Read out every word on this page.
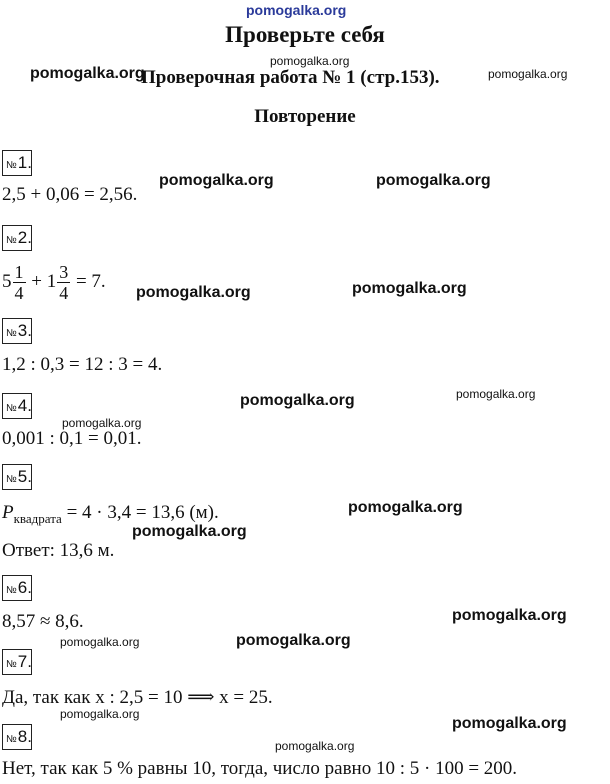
pomogalka.org
pomogalka.org
pomogalka.org	pomogalka.org
pomogalka.org	pomogalka.org
pomogalka.org	pomogalka.org
pomogalka.org	pomogalka.org
pomogalka.org
pomogalka.org
pomogalka.org
pomogalka.org
pomogalka.org	pomogalka.org
pomogalka.org
pomogalka.org
pomogalka.org
Проверьте себя
Проверочная работа № 1 (стр.153).
Повторение
№1.
2,5 + 0,06 = 2,56.
№2.
$5 \frac{1}{4} + 1 \frac{3}{4} = 7$.
№3.
1,2 : 0,3 = 12 : 3 = 4.
№4.
0,001 : 0,1 = 0,01.
№5.
$P_{квадрата} = 4 \cdot 3,4 = 13,6$ (м).
Ответ: 13,6 м.
№6.
8,57 ≈ 8,6.
№7.
Да, так как x : 2,5 = 10 ⟹ x = 25.
№8.
Нет, так как 5 % равны 10, тогда, число равно 10 : 5 · 100 = 200.
